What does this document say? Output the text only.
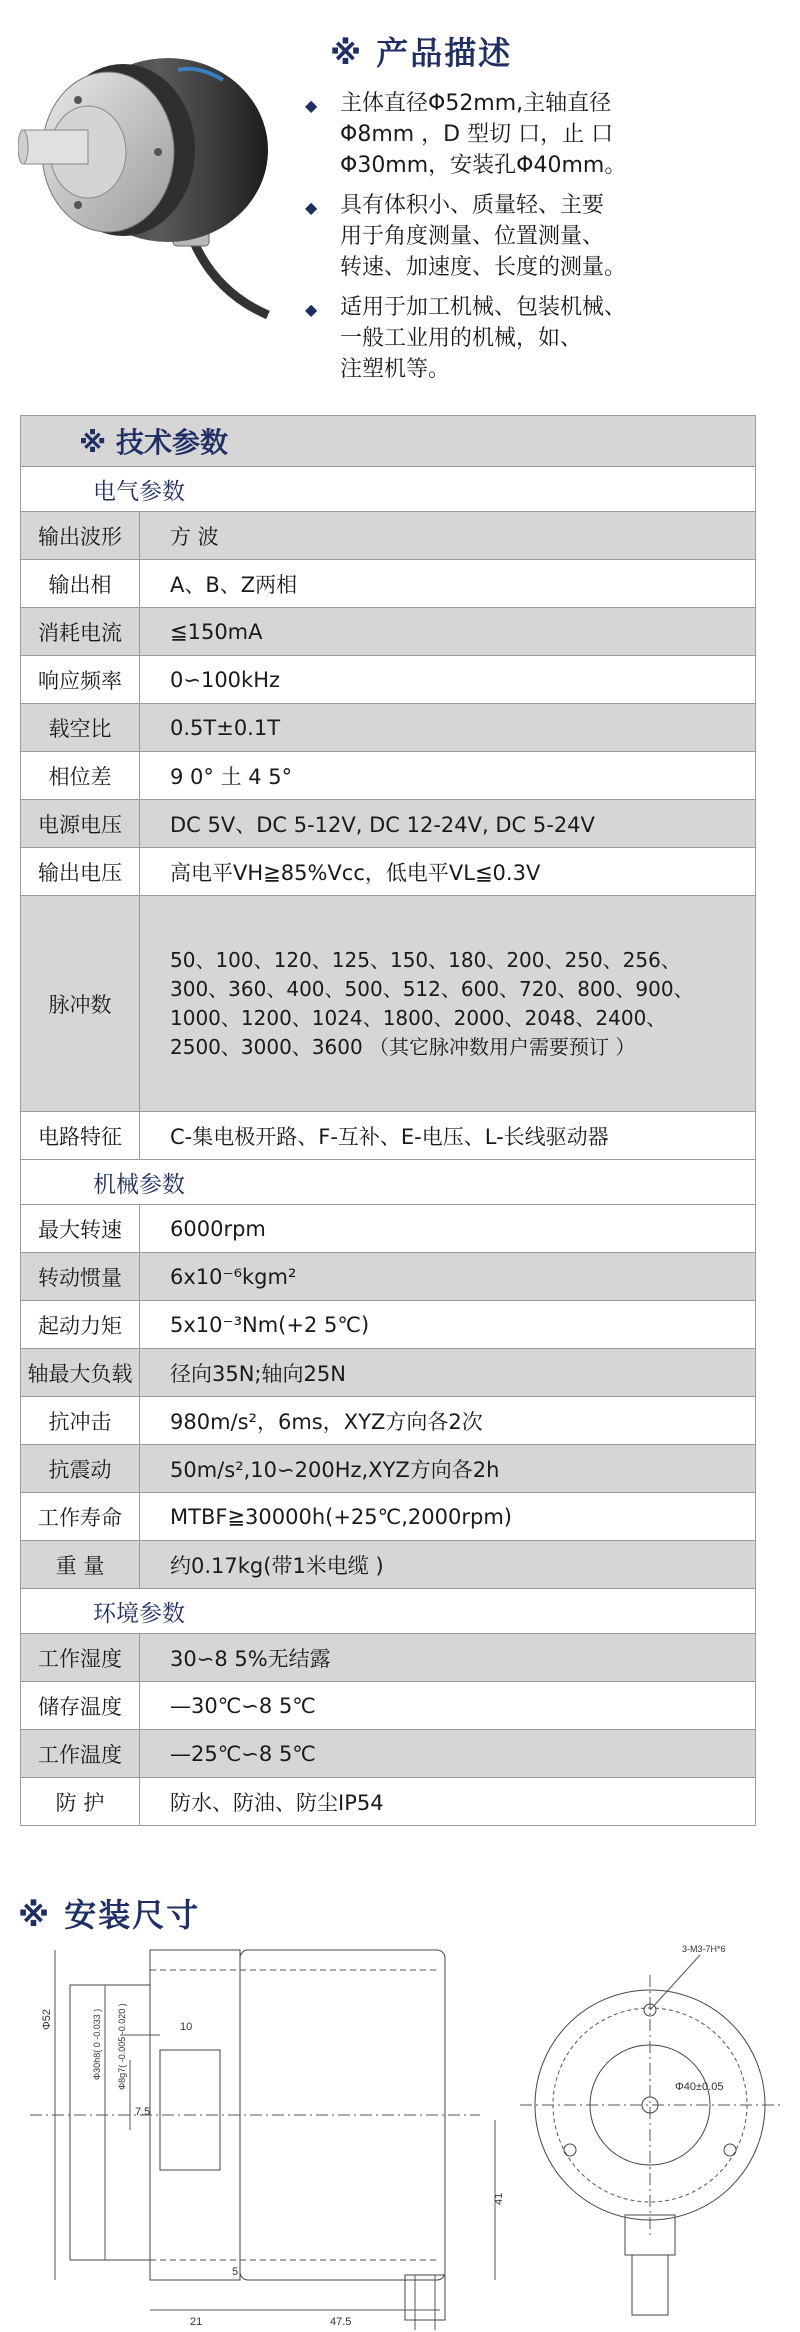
※ 产品描述
◆ 主体直径Φ52mm,主轴直径
Φ8mm ，D 型切 口，止 口
Φ30mm，安装孔Φ40mm。
◆ 具有体积小、质量轻、主要
用于角度测量、位置测量、
转速、加速度、长度的测量。
◆ 适用于加工机械、包装机械、
一般工业用的机械，如、
注塑机等。
※ 技术参数	
电气参数	
输出波形	方 波
输出相	A、B、Z两相
消耗电流	≦150mA
响应频率	0∽100kHz
载空比	0.5T±0.1T
相位差	9 0° 土 4 5°
电源电压	DC 5V、DC 5-12V, DC 12-24V, DC 5-24V
输出电压	高电平VH≧85%Vcc，低电平VL≦0.3V
脉冲数	50、100、120、125、150、180、200、250、256、
300、360、400、500、512、600、720、800、900、
1000、1200、1024、1800、2000、2048、2400、
2500、3000、3600 （其它脉冲数用户需要预订 ）

电路特征	C-集电极开路、F-互补、E-电压、L-长线驱动器
机械参数	
最大转速	6000rpm
转动惯量	6x10⁻⁶kgm²
起动力矩	5x10⁻³Nm(+2 5℃)
轴最大负载	径向35N;轴向25N
抗冲击	980m/s²，6ms，XYZ方向各2次
抗震动	50m/s²,10∽200Hz,XYZ方向各2h
工作寿命	MTBF≧30000h(+25℃,2000rpm)
重 量	约0.17kg(带1米电缆 )
环境参数	
工作湿度	30∽8 5%无结露
储存温度	—30℃∽8 5℃
工作温度	—25℃∽8 5℃
防 护	防水、防油、防尘IP54
※ 安装尺寸
Φ52	Φ30h8( 0 -0.033 ) Φ8g7( -0.005 -0.020 )	10
7.5
5
21	47.5
41
3-M3-7H*6
Φ40±0.05
